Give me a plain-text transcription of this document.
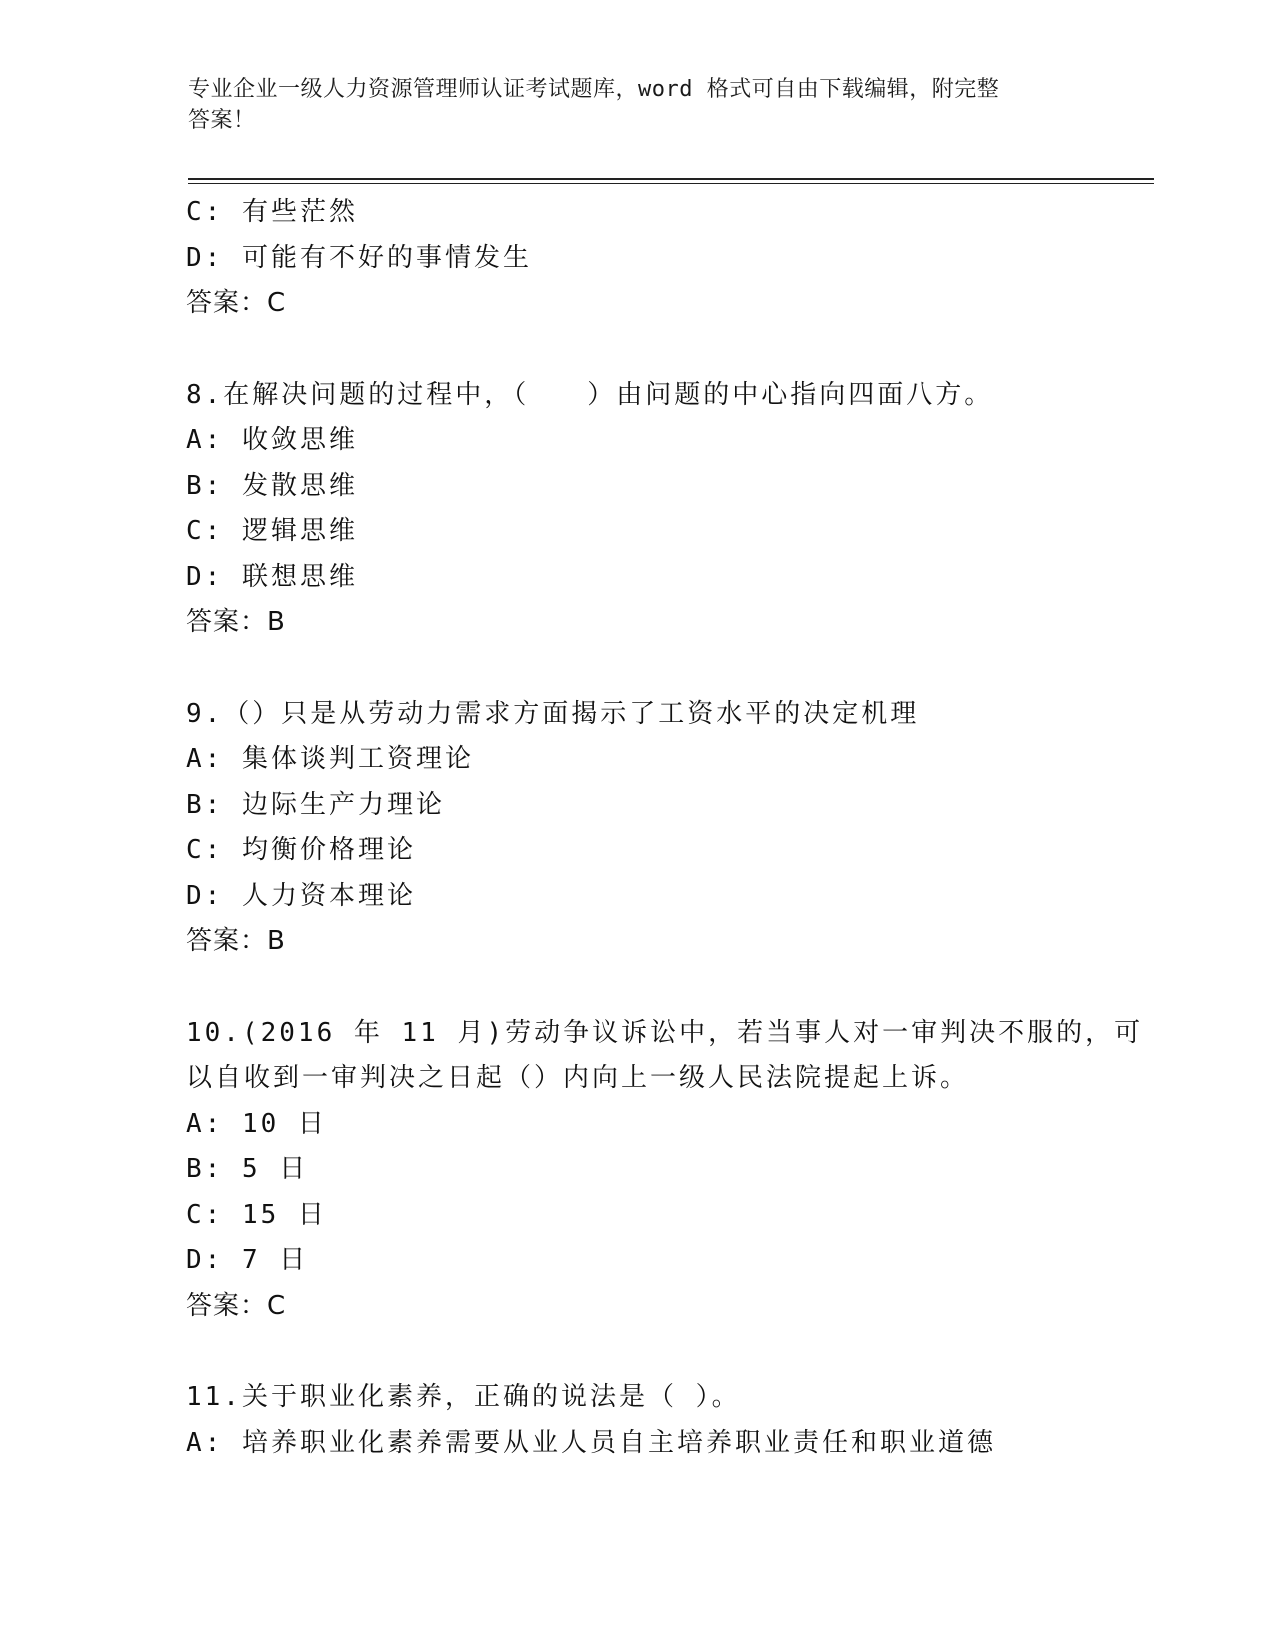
专业企业一级人力资源管理师认证考试题库，word 格式可自由下载编辑，附完整
答案！
C: 有些茫然
D: 可能有不好的事情发生
答案：C
8.在解决问题的过程中，（　　）由问题的中心指向四面八方。
A: 收敛思维
B: 发散思维
C: 逻辑思维
D: 联想思维
答案：B
9.（）只是从劳动力需求方面揭示了工资水平的决定机理
A: 集体谈判工资理论
B: 边际生产力理论
C: 均衡价格理论
D: 人力资本理论
答案：B
10.(2016 年 11 月)劳动争议诉讼中，若当事人对一审判决不服的，可
以自收到一审判决之日起（）内向上一级人民法院提起上诉。
A: 10 日
B: 5 日
C: 15 日
D: 7 日
答案：C
11.关于职业化素养，正确的说法是（ ）。
A: 培养职业化素养需要从业人员自主培养职业责任和职业道德
